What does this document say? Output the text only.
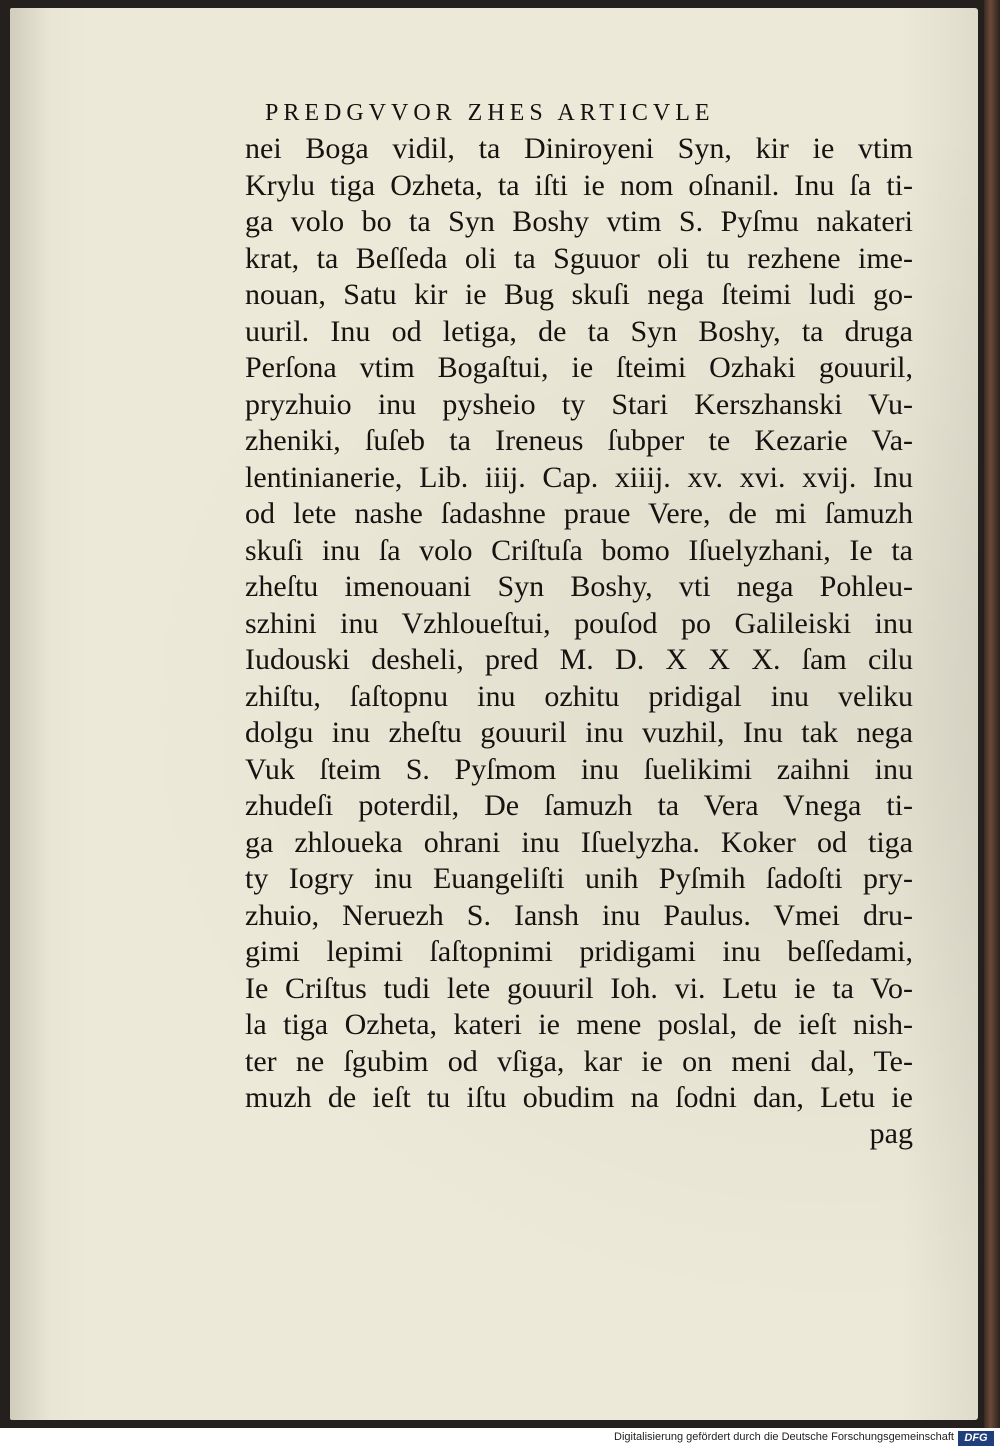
PREDGVVOR ZHES ARTICVLE
nei Boga vidil, ta Diniroyeni Syn, kir ie vtim
Krylu tiga Ozheta, ta iſti ie nom oſnanil. Inu ſa ti-
ga volo bo ta Syn Boshy vtim S. Pyſmu nakateri
krat, ta Beſſeda oli ta Sguuor oli tu rezhene ime-
nouan, Satu kir ie Bug skuſi nega ſteimi ludi go-
uuril. Inu od letiga, de ta Syn Boshy, ta druga
Perſona vtim Bogaſtui, ie ſteimi Ozhaki gouuril,
pryzhuio inu pysheio ty Stari Kerszhanski Vu-
zheniki, ſuſeb ta Ireneus ſubper te Kezarie Va-
lentinianerie, Lib. iiij. Cap. xiiij. xv. xvi. xvij. Inu
od lete nashe ſadashne praue Vere, de mi ſamuzh
skuſi inu ſa volo Criſtuſa bomo Iſuelyzhani, Ie ta
zheſtu imenouani Syn Boshy, vti nega Pohleu-
szhini inu Vzhloueſtui, pouſod po Galileiski inu
Iudouski desheli, pred M. D. X X X. ſam cilu
zhiſtu, ſaſtopnu inu ozhitu pridigal inu veliku
dolgu inu zheſtu gouuril inu vuzhil, Inu tak nega
Vuk ſteim S. Pyſmom inu ſuelikimi zaihni inu
zhudeſi poterdil, De ſamuzh ta Vera Vnega ti-
ga zhloueka ohrani inu Iſuelyzha. Koker od tiga
ty Iogry inu Euangeliſti unih Pyſmih ſadoſti pry-
zhuio, Neruezh S. Iansh inu Paulus. Vmei dru-
gimi lepimi ſaſtopnimi pridigami inu beſſedami,
Ie Criſtus tudi lete gouuril Ioh. vi. Letu ie ta Vo-
la tiga Ozheta, kateri ie mene poslal, de ieſt nish-
ter ne ſgubim od vſiga, kar ie on meni dal, Te-
muzh de ieſt tu iſtu obudim na ſodni dan, Letu ie
pag
Digitalisierung gefördert durch die Deutsche Forschungsgemeinschaft DFG
